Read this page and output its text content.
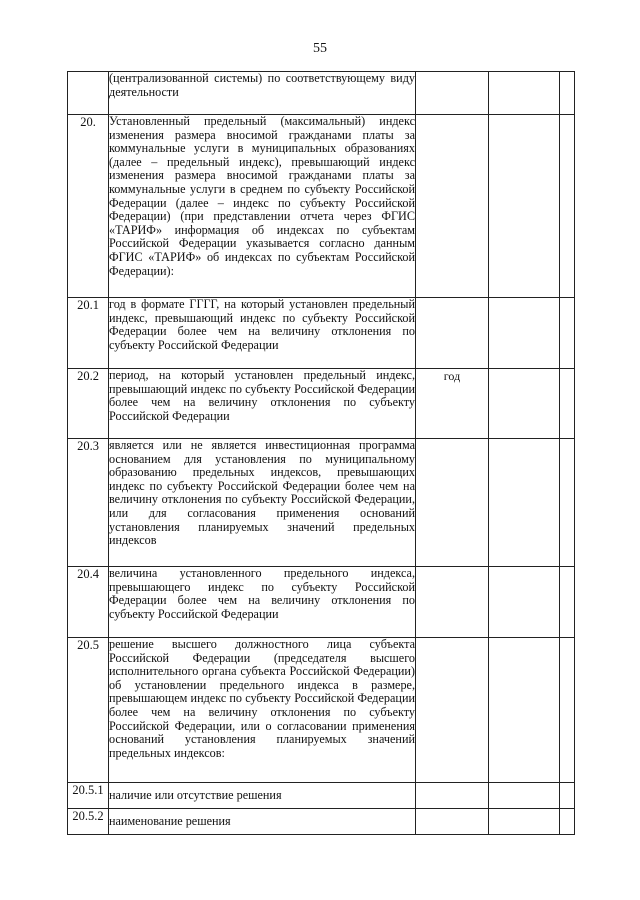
55
	(централизованной системы) по соответствующему виду деятельности			
20.	Установленный предельный (максимальный) индекс изменения размера вносимой гражданами платы за коммунальные услуги в муниципальных образованиях (далее – предельный индекс), превышающий индекс изменения размера вносимой гражданами платы за коммунальные услуги в среднем по субъекту Российской Федерации (далее – индекс по субъекту Российской Федерации) (при представлении отчета через ФГИС «ТАРИФ» информация об индексах по субъектам Российской Федерации указывается согласно данным ФГИС «ТАРИФ» об индексах по субъектам Российской Федерации):			
20.1	год в формате ГГГГ, на который установлен предельный индекс, превышающий индекс по субъекту Российской Федерации более чем на величину отклонения по субъекту Российской Федерации			
20.2	период, на который установлен предельный индекс, превышающий индекс по субъекту Российской Федерации более чем на величину отклонения по субъекту Российской Федерации	год		
20.3	является или не является инвестиционная программа основанием для установления по муниципальному образованию предельных индексов, превышающих индекс по субъекту Российской Федерации более чем на величину отклонения по субъекту Российской Федерации, или для согласования применения оснований установления планируемых значений предельных индексов			
20.4	величина установленного предельного индекса, превышающего индекс по субъекту Российской Федерации более чем на величину отклонения по субъекту Российской Федерации			
20.5	решение высшего должностного лица субъекта Российской Федерации (председателя высшего исполнительного органа субъекта Российской Федерации) об установлении предельного индекса в размере, превышающем индекс по субъекту Российской Федерации более чем на величину отклонения по субъекту Российской Федерации, или о согласовании применения оснований установления планируемых значений предельных индексов:			
20.5.1	наличие или отсутствие решения			
20.5.2	наименование решения			
